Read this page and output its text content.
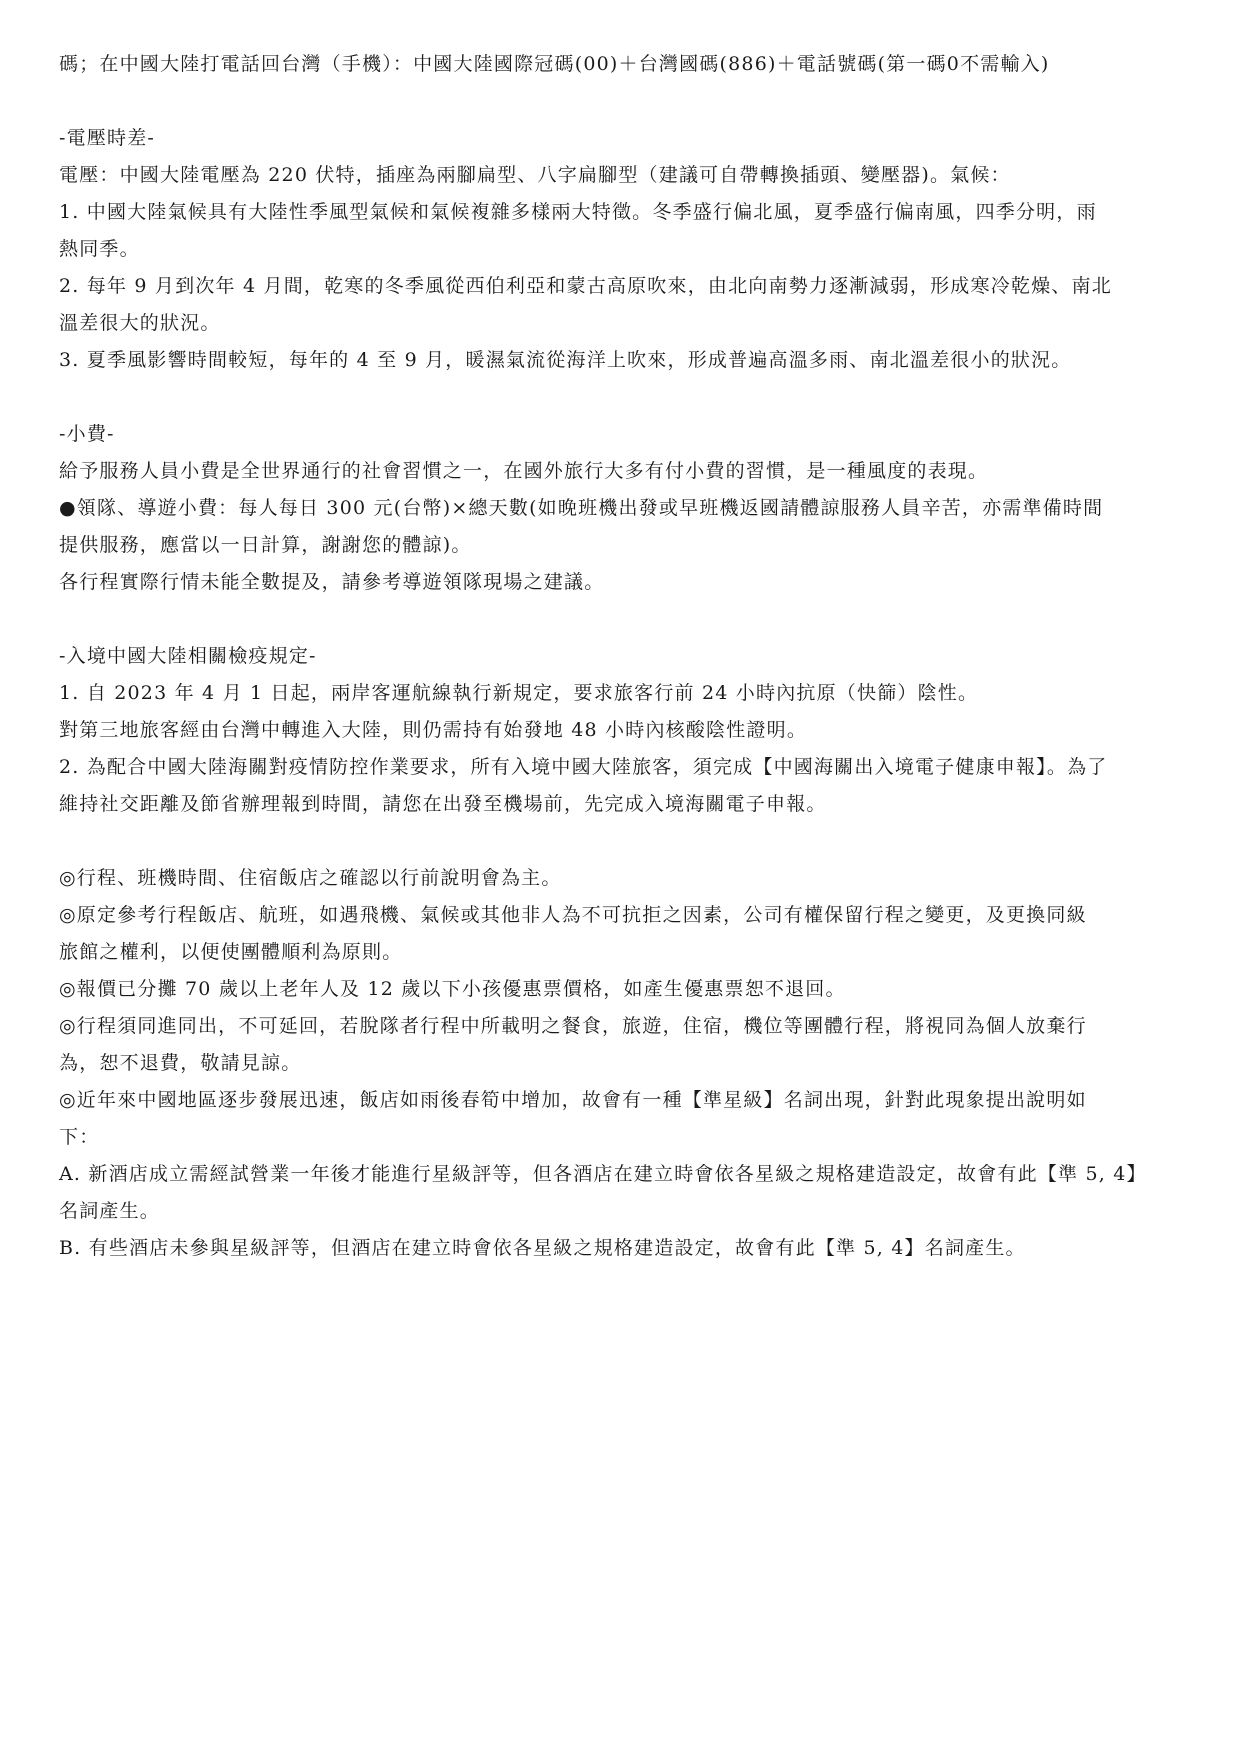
碼；在中國大陸打電話回台灣（手機）：中國大陸國際冠碼(00)＋台灣國碼(886)＋電話號碼(第一碼0不需輸入)
-電壓時差-
電壓：中國大陸電壓為 220 伏特，插座為兩腳扁型、八字扁腳型（建議可自帶轉換插頭、變壓器)。氣候：
1. 中國大陸氣候具有大陸性季風型氣候和氣候複雜多樣兩大特徵。冬季盛行偏北風，夏季盛行偏南風，四季分明，雨
熱同季。
2. 每年 9 月到次年 4 月間，乾寒的冬季風從西伯利亞和蒙古高原吹來，由北向南勢力逐漸減弱，形成寒冷乾燥、南北
溫差很大的狀況。
3. 夏季風影響時間較短，每年的 4 至 9 月，暖濕氣流從海洋上吹來，形成普遍高溫多雨、南北溫差很小的狀況。
-小費-
給予服務人員小費是全世界通行的社會習慣之一，在國外旅行大多有付小費的習慣，是一種風度的表現。
●領隊、導遊小費：每人每日 300 元(台幣)×總天數(如晚班機出發或早班機返國請體諒服務人員辛苦，亦需準備時間
提供服務，應當以一日計算，謝謝您的體諒)。
各行程實際行情未能全數提及，請參考導遊領隊現場之建議。
-入境中國大陸相關檢疫規定-
1. 自 2023 年 4 月 1 日起，兩岸客運航線執行新規定，要求旅客行前 24 小時內抗原（快篩）陰性。
對第三地旅客經由台灣中轉進入大陸，則仍需持有始發地 48 小時內核酸陰性證明。
2. 為配合中國大陸海關對疫情防控作業要求，所有入境中國大陸旅客，須完成【中國海關出入境電子健康申報】。為了
維持社交距離及節省辦理報到時間，請您在出發至機場前，先完成入境海關電子申報。
◎行程、班機時間、住宿飯店之確認以行前說明會為主。
◎原定參考行程飯店、航班，如遇飛機、氣候或其他非人為不可抗拒之因素，公司有權保留行程之變更，及更換同級
旅館之權利，以便使團體順利為原則。
◎報價已分攤 70 歲以上老年人及 12 歲以下小孩優惠票價格，如產生優惠票恕不退回。
◎行程須同進同出，不可延回，若脫隊者行程中所載明之餐食，旅遊，住宿，機位等團體行程，將視同為個人放棄行
為，恕不退費，敬請見諒。
◎近年來中國地區逐步發展迅速，飯店如雨後春筍中增加，故會有一種【準星級】名詞出現，針對此現象提出說明如
下：
A. 新酒店成立需經試營業一年後才能進行星級評等，但各酒店在建立時會依各星級之規格建造設定，故會有此【準 5, 4】
名詞產生。
B. 有些酒店未參與星級評等，但酒店在建立時會依各星級之規格建造設定，故會有此【準 5, 4】名詞產生。
